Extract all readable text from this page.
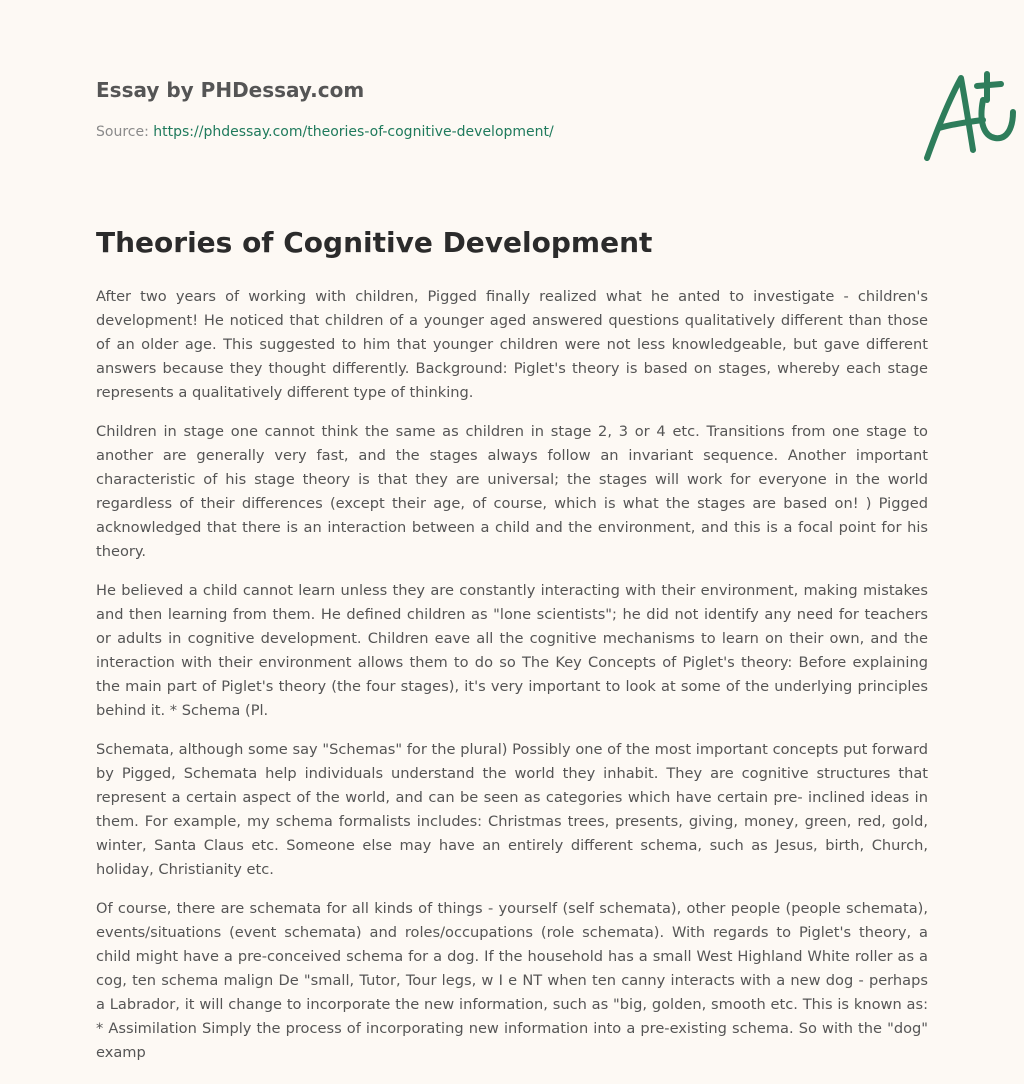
Essay by PHDessay.com
Source: https://phdessay.com/theories-of-cognitive-development/
Theories of Cognitive Development

After two years of working with children, Pigged finally realized what he anted to investigate - children's development! He noticed that children of a younger aged answered questions qualitatively different than those of an older age. This suggested to him that younger children were not less knowledgeable, but gave different answers because they thought differently. Background: Piglet's theory is based on stages, whereby each stage represents a qualitatively different type of thinking.

Children in stage one cannot think the same as children in stage 2, 3 or 4 etc. Transitions from one stage to another are generally very fast, and the stages always follow an invariant sequence. Another important characteristic of his stage theory is that they are universal; the stages will work for everyone in the world regardless of their differences (except their age, of course, which is what the stages are based on! ) Pigged acknowledged that there is an interaction between a child and the environment, and this is a focal point for his theory.

He believed a child cannot learn unless they are constantly interacting with their environment, making mistakes and then learning from them. He defined children as "lone scientists"; he did not identify any need for teachers or adults in cognitive development. Children eave all the cognitive mechanisms to learn on their own, and the interaction with their environment allows them to do so The Key Concepts of Piglet's theory: Before explaining the main part of Piglet's theory (the four stages), it's very important to look at some of the underlying principles behind it. * Schema (Pl.

Schemata, although some say "Schemas" for the plural) Possibly one of the most important concepts put forward by Pigged, Schemata help individuals understand the world they inhabit. They are cognitive structures that represent a certain aspect of the world, and can be seen as categories which have certain pre- inclined ideas in them. For example, my schema formalists includes: Christmas trees, presents, giving, money, green, red, gold, winter, Santa Claus etc. Someone else may have an entirely different schema, such as Jesus, birth, Church, holiday, Christianity etc.

Of course, there are schemata for all kinds of things - yourself (self schemata), other people (people schemata), events/situations (event schemata) and roles/occupations (role schemata). With regards to Piglet's theory, a child might have a pre-conceived schema for a dog. If the household has a small West Highland White roller as a cog, ten schema malign De "small, Tutor, Tour legs, w I e NT when ten canny interacts with a new dog - perhaps a Labrador, it will change to incorporate the new information, such as "big, golden, smooth etc. This is known as: * Assimilation Simply the process of incorporating new information into a pre-existing schema. So with the "dog" examp
